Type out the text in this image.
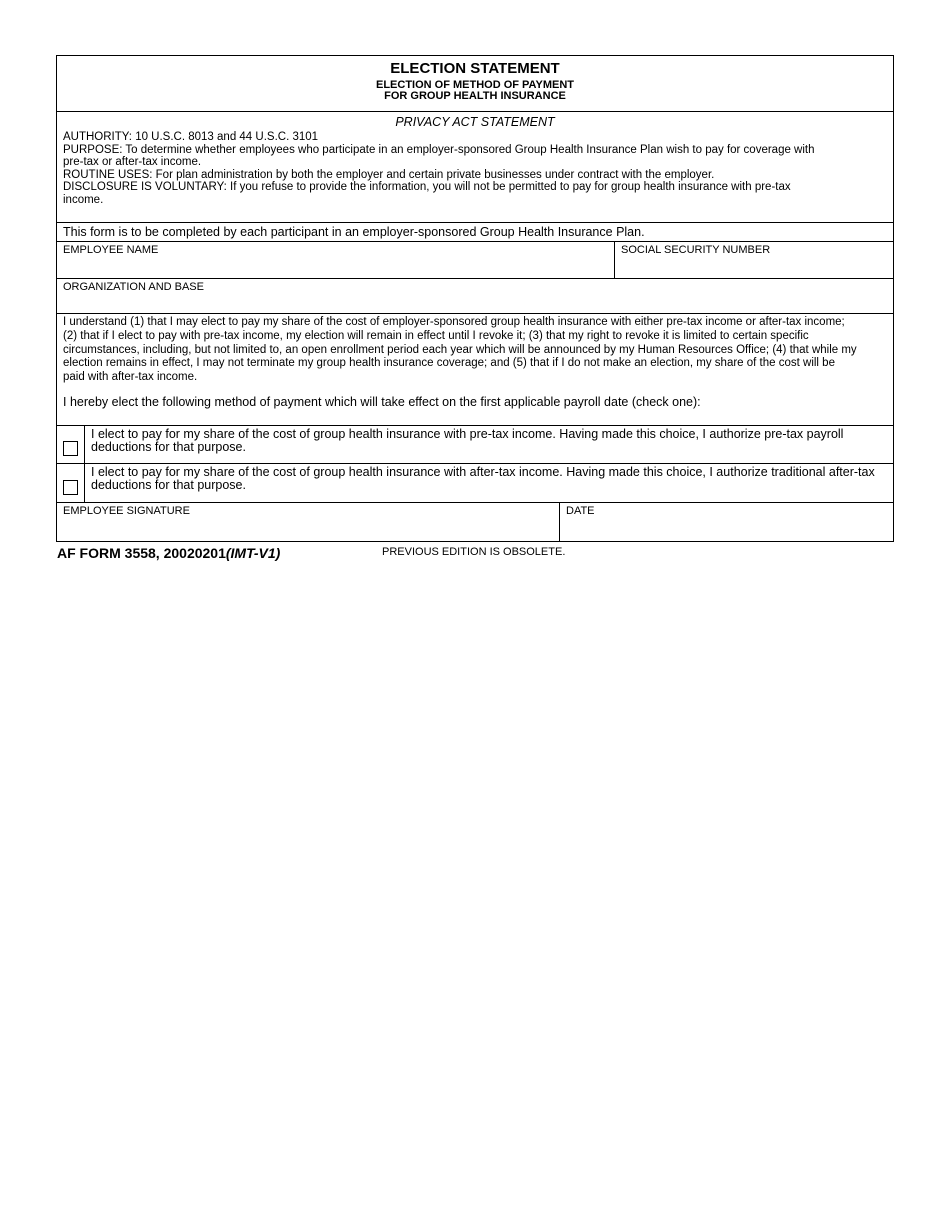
ELECTION STATEMENT
ELECTION OF METHOD OF PAYMENT
FOR GROUP HEALTH INSURANCE
PRIVACY ACT STATEMENT

AUTHORITY: 10 U.S.C. 8013 and 44 U.S.C. 3101

PURPOSE: To determine whether employees who participate in an employer-sponsored Group Health Insurance Plan wish to pay for coverage with pre-tax or after-tax income.

ROUTINE USES: For plan administration by both the employer and certain private businesses under contract with the employer.

DISCLOSURE IS VOLUNTARY: If you refuse to provide the information, you will not be permitted to pay for group health insurance with pre-tax income.

This form is to be completed by each participant in an employer-sponsored Group Health Insurance Plan.
EMPLOYEE NAME	SOCIAL SECURITY NUMBER
ORGANIZATION AND BASE

I understand (1) that I may elect to pay my share of the cost of employer-sponsored group health insurance with either pre-tax income or after-tax income; (2) that if I elect to pay with pre-tax income, my election will remain in effect until I revoke it; (3) that my right to revoke it is limited to certain specific circumstances, including, but not limited to, an open enrollment period each year which will be announced by my Human Resources Office; (4) that while my election remains in effect, I may not terminate my group health insurance coverage; and (5) that if I do not make an election, my share of the cost will be paid with after-tax income.

I hereby elect the following method of payment which will take effect on the first applicable payroll date (check one):

I elect to pay for my share of the cost of group health insurance with pre-tax income. Having made this choice, I authorize pre-tax payroll deductions for that purpose.
I elect to pay for my share of the cost of group health insurance with after-tax income. Having made this choice, I authorize traditional after-tax deductions for that purpose.
EMPLOYEE SIGNATURE	DATE
AF FORM 3558, 20020201(IMT-V1)	PREVIOUS EDITION IS OBSOLETE.
